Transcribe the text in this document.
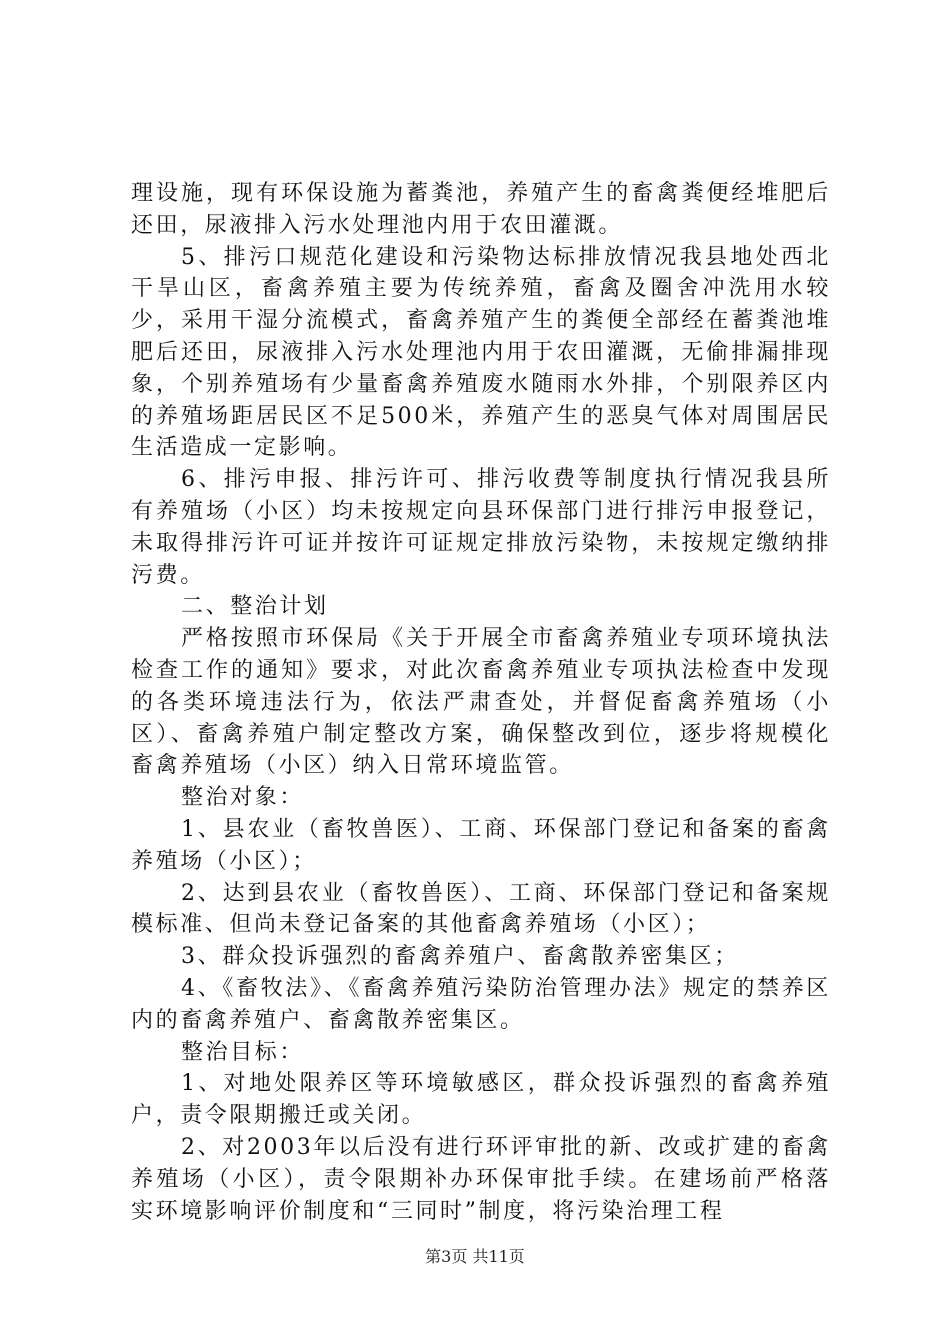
理设施，现有环保设施为蓄粪池，养殖产生的畜禽粪便经堆肥后还田，尿液排入污水处理池内用于农田灌溉。

5、排污口规范化建设和污染物达标排放情况我县地处西北干旱山区，畜禽养殖主要为传统养殖，畜禽及圈舍冲洗用水较少，采用干湿分流模式，畜禽养殖产生的粪便全部经在蓄粪池堆肥后还田，尿液排入污水处理池内用于农田灌溉，无偷排漏排现象，个别养殖场有少量畜禽养殖废水随雨水外排，个别限养区内的养殖场距居民区不足500米，养殖产生的恶臭气体对周围居民生活造成一定影响。

6、排污申报、排污许可、排污收费等制度执行情况我县所有养殖场（小区）均未按规定向县环保部门进行排污申报登记，未取得排污许可证并按许可证规定排放污染物，未按规定缴纳排污费。

二、整治计划

严格按照市环保局《关于开展全市畜禽养殖业专项环境执法检查工作的通知》要求，对此次畜禽养殖业专项执法检查中发现的各类环境违法行为，依法严肃查处，并督促畜禽养殖场（小区）、畜禽养殖户制定整改方案，确保整改到位，逐步将规模化畜禽养殖场（小区）纳入日常环境监管。

整治对象：

1、县农业（畜牧兽医）、工商、环保部门登记和备案的畜禽养殖场（小区）；

2、达到县农业（畜牧兽医）、工商、环保部门登记和备案规模标准、但尚未登记备案的其他畜禽养殖场（小区）；

3、群众投诉强烈的畜禽养殖户、畜禽散养密集区；

4、《畜牧法》、《畜禽养殖污染防治管理办法》规定的禁养区内的畜禽养殖户、畜禽散养密集区。

整治目标：

1、对地处限养区等环境敏感区，群众投诉强烈的畜禽养殖户，责令限期搬迁或关闭。

2、对2003年以后没有进行环评审批的新、改或扩建的畜禽养殖场（小区），责令限期补办环保审批手续。在建场前严格落实环境影响评价制度和“三同时”制度，将污染治理工程

第3页 共11页
